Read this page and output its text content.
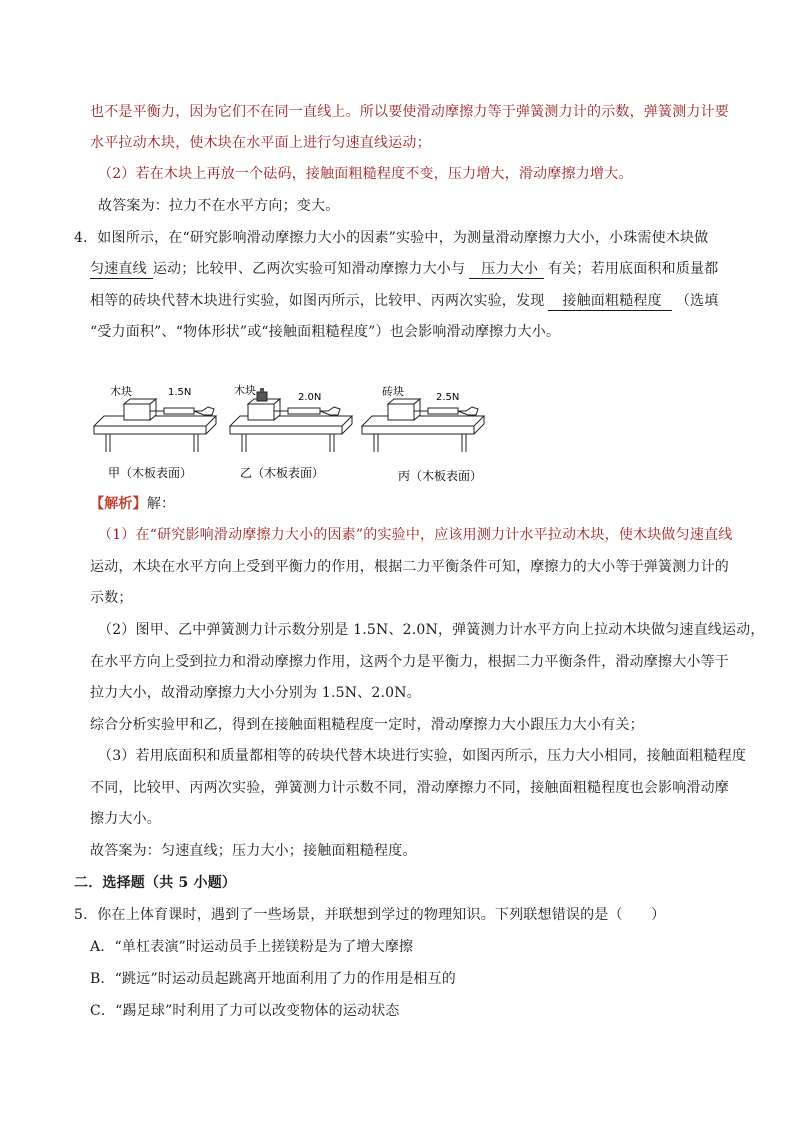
也不是平衡力，因为它们不在同一直线上。所以要使滑动摩擦力等于弹簧测力计的示数，弹簧测力计要
水平拉动木块，使木块在水平面上进行匀速直线运动；
（2）若在木块上再放一个砝码，接触面粗糙程度不变，压力增大，滑动摩擦力增大。
故答案为：拉力不在水平方向；变大。
4．如图所示，在“研究影响滑动摩擦力大小的因素”实验中，为测量滑动摩擦力大小，小珠需使木块做
匀速直线 运动；比较甲、乙两次实验可知滑动摩擦力大小与 压力大小 有关；若用底面积和质量都
相等的砖块代替木块进行实验，如图丙所示，比较甲、丙两次实验，发现 接触面粗糙程度 （选填
“受力面积”、“物体形状”或“接触面粗糙程度”）也会影响滑动摩擦力大小。
木块	1.5N	木块
2.0N	砖块	2.5N
甲（木板表面）	乙（木板表面）	丙（木板表面）
【解析】解：
（1）在“研究影响滑动摩擦力大小的因素”的实验中，应该用测力计水平拉动木块，使木块做匀速直线
运动，木块在水平方向上受到平衡力的作用，根据二力平衡条件可知，摩擦力的大小等于弹簧测力计的
示数；
（2）图甲、乙中弹簧测力计示数分别是 1.5N、2.0N，弹簧测力计水平方向上拉动木块做匀速直线运动，
在水平方向上受到拉力和滑动摩擦力作用，这两个力是平衡力，根据二力平衡条件，滑动摩擦大小等于
拉力大小，故滑动摩擦力大小分别为 1.5N、2.0N。
综合分析实验甲和乙，得到在接触面粗糙程度一定时，滑动摩擦力大小跟压力大小有关；
（3）若用底面积和质量都相等的砖块代替木块进行实验，如图丙所示，压力大小相同，接触面粗糙程度
不同，比较甲、丙两次实验，弹簧测力计示数不同，滑动摩擦力不同，接触面粗糙程度也会影响滑动摩
擦力大小。
故答案为：匀速直线；压力大小；接触面粗糙程度。
二．选择题（共 5 小题）
5．你在上体育课时，遇到了一些场景，并联想到学过的物理知识。下列联想错误的是（　　）
A．“单杠表演”时运动员手上搓镁粉是为了增大摩擦
B．“跳远”时运动员起跳离开地面利用了力的作用是相互的
C．“踢足球”时利用了力可以改变物体的运动状态
